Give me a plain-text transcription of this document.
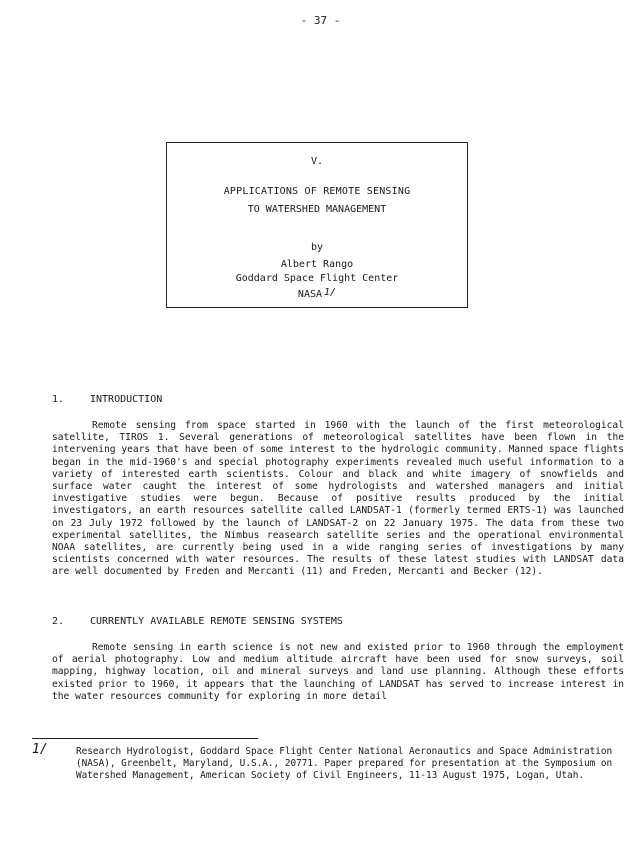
- 37 -
V.
APPLICATIONS OF REMOTE SENSING
TO WATERSHED MANAGEMENT
by
Albert Rango
Goddard Space Flight Center
NASA 1/
1.	INTRODUCTION

Remote sensing from space started in 1960 with the launch of the first meteorological satellite, TIROS 1. Several generations of meteorological satellites have been flown in the intervening years that have been of some interest to the hydrologic community. Manned space flights began in the mid-1960's and special photography experiments revealed much useful information to a variety of interested earth scientists. Colour and black and white imagery of snowfields and surface water caught the interest of some hydrologists and watershed managers and initial investigative studies were begun. Because of positive results produced by the initial investigators, an earth resources satellite called LANDSAT-1 (formerly termed ERTS-1) was launched on 23 July 1972 followed by the launch of LANDSAT-2 on 22 January 1975. The data from these two experimental satellites, the Nimbus reasearch satellite series and the operational environmental NOAA satellites, are currently being used in a wide ranging series of investigations by many scientists concerned with water resources. The results of these latest studies with LANDSAT data are well documented by Freden and Mercanti (11) and Freden, Mercanti and Becker (12).

2.	CURRENTLY AVAILABLE REMOTE SENSING SYSTEMS

Remote sensing in earth science is not new and existed prior to 1960 through the employment of aerial photography. Low and medium altitude aircraft have been used for snow surveys, soil mapping, highway location, oil and mineral surveys and land use planning. Although these efforts existed prior to 1960, it appears that the launching of LANDSAT has served to increase interest in the water resources community for exploring in more detail

1/	Research Hydrologist, Goddard Space Flight Center National Aeronautics and Space Administration (NASA), Greenbelt, Maryland, U.S.A., 20771. Paper prepared for presentation at the Symposium on Watershed Management, American Society of Civil Engineers, 11-13 August 1975, Logan, Utah.
